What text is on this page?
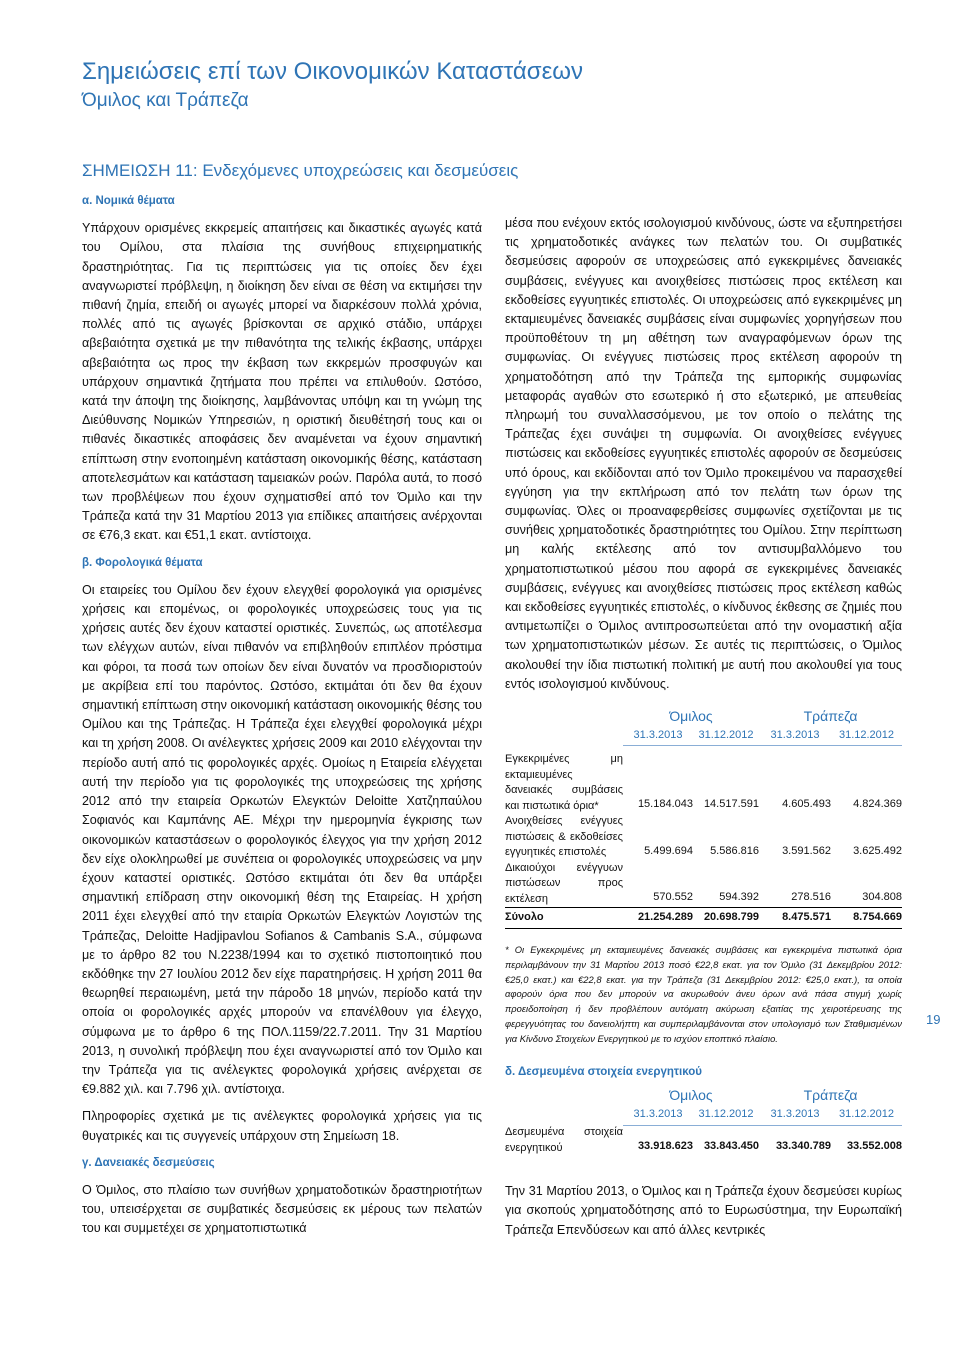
Σημειώσεις επί των Οικονομικών Καταστάσεων
Όμιλος και Τράπεζα
ΣΗΜΕΙΩΣΗ 11: Ενδεχόμενες υποχρεώσεις και δεσμεύσεις
α. Νομικά θέματα

Υπάρχουν ορισμένες εκκρεμείς απαιτήσεις και δικαστικές αγωγές κατά του Ομίλου, στα πλαίσια της συνήθους επιχειρηματικής δραστηριότητας. Για τις περιπτώσεις για τις οποίες δεν έχει αναγνωριστεί πρόβλεψη, η διοίκηση δεν είναι σε θέση να εκτιμήσει την πιθανή ζημία, επειδή οι αγωγές μπορεί να διαρκέσουν πολλά χρόνια, πολλές από τις αγωγές βρίσκονται σε αρχικό στάδιο, υπάρχει αβεβαιότητα σχετικά με την πιθανότητα της τελικής έκβασης, υπάρχει αβεβαιότητα ως προς την έκβαση των εκκρεμών προσφυγών και υπάρχουν σημαντικά ζητήματα που πρέπει να επιλυθούν. Ωστόσο, κατά την άποψη της διοίκησης, λαμβάνοντας υπόψη και τη γνώμη της Διεύθυνσης Νομικών Υπηρεσιών, η οριστική διευθέτησή τους και οι πιθανές δικαστικές αποφάσεις δεν αναμένεται να έχουν σημαντική επίπτωση στην ενοποιημένη κατάσταση οικονομικής θέσης, κατάσταση αποτελεσμάτων και κατάσταση ταμειακών ροών. Παρόλα αυτά, το ποσό των προβλέψεων που έχουν σχηματισθεί από τον Όμιλο και την Τράπεζα κατά την 31 Μαρτίου 2013 για επίδικες απαιτήσεις ανέρχονται σε €76,3 εκατ. και €51,1 εκατ. αντίστοιχα.

β. Φορολογικά θέματα

Οι εταιρείες του Ομίλου δεν έχουν ελεγχθεί φορολογικά για ορισμένες χρήσεις και επομένως, οι φορολογικές υποχρεώσεις τους για τις χρήσεις αυτές δεν έχουν καταστεί οριστικές. Συνεπώς, ως αποτέλεσμα των ελέγχων αυτών, είναι πιθανόν να επιβληθούν επιπλέον πρόστιμα και φόροι, τα ποσά των οποίων δεν είναι δυνατόν να προσδιοριστούν με ακρίβεια επί του παρόντος. Ωστόσο, εκτιμάται ότι δεν θα έχουν σημαντική επίπτωση στην οικονομική κατάσταση οικονομικής θέσης του Ομίλου και της Τράπεζας. Η Τράπεζα έχει ελεγχθεί φορολογικά μέχρι και τη χρήση 2008. Οι ανέλεγκτες χρήσεις 2009 και 2010 ελέγχονται την περίοδο αυτή από τις φορολογικές αρχές. Ομοίως η Εταιρεία ελέγχεται αυτή την περίοδο για τις φορολογικές της υποχρεώσεις της χρήσης 2012 από την εταιρεία Ορκωτών Ελεγκτών Deloitte Χατζηπαύλου Σοφιανός και Καμπάνης ΑΕ. Μέχρι την ημερομηνία έγκρισης των οικονομικών καταστάσεων ο φορολογικός έλεγχος για την χρήση 2012 δεν είχε ολοκληρωθεί με συνέπεια οι φορολογικές υποχρεώσεις να μην έχουν καταστεί οριστικές. Ωστόσο εκτιμάται ότι δεν θα υπάρξει σημαντική επίδραση στην οικονομική θέση της Εταιρείας. Η χρήση 2011 έχει ελεγχθεί από την εταιρία Ορκωτών Ελεγκτών Λογιστών της Τράπεζας, Deloitte Hadjipavlou Sofianos & Cambanis S.A., σύμφωνα με το άρθρο 82 του Ν.2238/1994 και το σχετικό πιστοποιητικό που εκδόθηκε την 27 Ιουλίου 2012 δεν είχε παρατηρήσεις. Η χρήση 2011 θα θεωρηθεί περαιωμένη, μετά την πάροδο 18 μηνών, περίοδο κατά την οποία οι φορολογικές αρχές μπορούν να επανέλθουν για έλεγχο, σύμφωνα με το άρθρο 6 της ΠΟΛ.1159/22.7.2011. Την 31 Μαρτίου 2013, η συνολική πρόβλεψη που έχει αναγνωριστεί από τον Όμιλο και την Τράπεζα για τις ανέλεγκτες φορολογικά χρήσεις ανέρχεται σε €9.882 χιλ. και 7.796 χιλ. αντίστοιχα.

Πληροφορίες σχετικά με τις ανέλεγκτες φορολογικά χρήσεις για τις θυγατρικές και τις συγγενείς υπάρχουν στη Σημείωση 18.

γ. Δανειακές δεσμεύσεις

Ο Όμιλος, στο πλαίσιο των συνήθων χρηματοδοτικών δραστηριοτήτων του, υπεισέρχεται σε συμβατικές δεσμεύσεις εκ μέρους των πελατών του και συμμετέχει σε χρηματοπιστωτικά

μέσα που ενέχουν εκτός ισολογισμού κινδύνους, ώστε να εξυπηρετήσει τις χρηματοδοτικές ανάγκες των πελατών του. Οι συμβατικές δεσμεύσεις αφορούν σε υποχρεώσεις από εγκεκριμένες δανειακές συμβάσεις, ενέγγυες και ανοιχθείσες πιστώσεις προς εκτέλεση και εκδοθείσες εγγυητικές επιστολές. Οι υποχρεώσεις από εγκεκριμένες μη εκταμιευμένες δανειακές συμβάσεις είναι συμφωνίες χορηγήσεων που προϋποθέτουν τη μη αθέτηση των αναγραφόμενων όρων της συμφωνίας. Οι ενέγγυες πιστώσεις προς εκτέλεση αφορούν τη χρηματοδότηση από την Τράπεζα της εμπορικής συμφωνίας μεταφοράς αγαθών στο εσωτερικό ή στο εξωτερικό, με απευθείας πληρωμή του συναλλασσόμενου, με τον οποίο ο πελάτης της Τράπεζας έχει συνάψει τη συμφωνία. Οι ανοιχθείσες ενέγγυες πιστώσεις και εκδοθείσες εγγυητικές επιστολές αφορούν σε δεσμεύσεις υπό όρους, και εκδίδονται από τον Όμιλο προκειμένου να παρασχεθεί εγγύηση για την εκπλήρωση από τον πελάτη των όρων της συμφωνίας. Όλες οι προαναφερθείσες συμφωνίες σχετίζονται με τις συνήθεις χρηματοδοτικές δραστηριότητες του Ομίλου. Στην περίπτωση μη καλής εκτέλεσης από τον αντισυμβαλλόμενο του χρηματοπιστωτικού μέσου που αφορά σε εγκεκριμένες δανειακές συμβάσεις, ενέγγυες και ανοιχθείσες πιστώσεις προς εκτέλεση καθώς και εκδοθείσες εγγυητικές επιστολές, ο κίνδυνος έκθεσης σε ζημιές που αντιμετωπίζει ο Όμιλος αντιπροσωπεύεται από την ονομαστική αξία των χρηματοπιστωτικών μέσων. Σε αυτές τις περιπτώσεις, ο Όμιλος ακολουθεί την ίδια πιστωτική πολιτική με αυτή που ακολουθεί για τους εντός ισολογισμού κινδύνους.

	Όμιλος		Τράπεζα	
	31.3.2013	31.12.2012	31.3.2013	31.12.2012

Εγκεκριμένες μη εκταμιευμένες δανειακές συμβάσεις και πιστωτικά όρια*	15.184.043	14.517.591	4.605.493	4.824.369
Ανοιχθείσες ενέγγυες πιστώσεις & εκδοθείσες εγγυητικές επιστολές	5.499.694	5.586.816	3.591.562	3.625.492
Δικαιούχοι ενέγγυων πιστώσεων προς εκτέλεση	570.552	594.392	278.516	304.808
Σύνολο	21.254.289	20.698.799	8.475.571	8.754.669

* Οι Εγκεκριμένες μη εκταμιευμένες δανειακές συμβάσεις και εγκεκριμένα πιστωτικά όρια περιλαμβάνουν την 31 Μαρτίου 2013 ποσό €22,8 εκατ. για τον Όμιλο (31 Δεκεμβρίου 2012: €25,0 εκατ.) και €22,8 εκατ. για την Τράπεζα (31 Δεκεμβρίου 2012: €25,0 εκατ.), τα οποία αφορούν όρια που δεν μπορούν να ακυρωθούν άνευ όρων ανά πάσα στιγμή χωρίς προειδοποίηση ή δεν προβλέπουν αυτόματη ακύρωση εξαιτίας της χειροτέρευσης της φερεγγυότητας του δανειολήπτη και συμπεριλαμβάνονται στον υπολογισμό των Σταθμισμένων για Κίνδυνο Στοιχείων Ενεργητικού με το ισχύον εποπτικό πλαίσιο.

δ. Δεσμευμένα στοιχεία ενεργητικού
	Όμιλος		Τράπεζα	
	31.3.2013	31.12.2012	31.3.2013	31.12.2012
Δεσμευμένα στοιχεία ενεργητικού	33.918.623	33.843.450	33.340.789	33.552.008

Την 31 Μαρτίου 2013, ο Όμιλος και η Τράπεζα έχουν δεσμεύσει κυρίως για σκοπούς χρηματοδότησης από το Ευρωσύστημα, την Ευρωπαϊκή Τράπεζα Επενδύσεων και από άλλες κεντρικές

19
